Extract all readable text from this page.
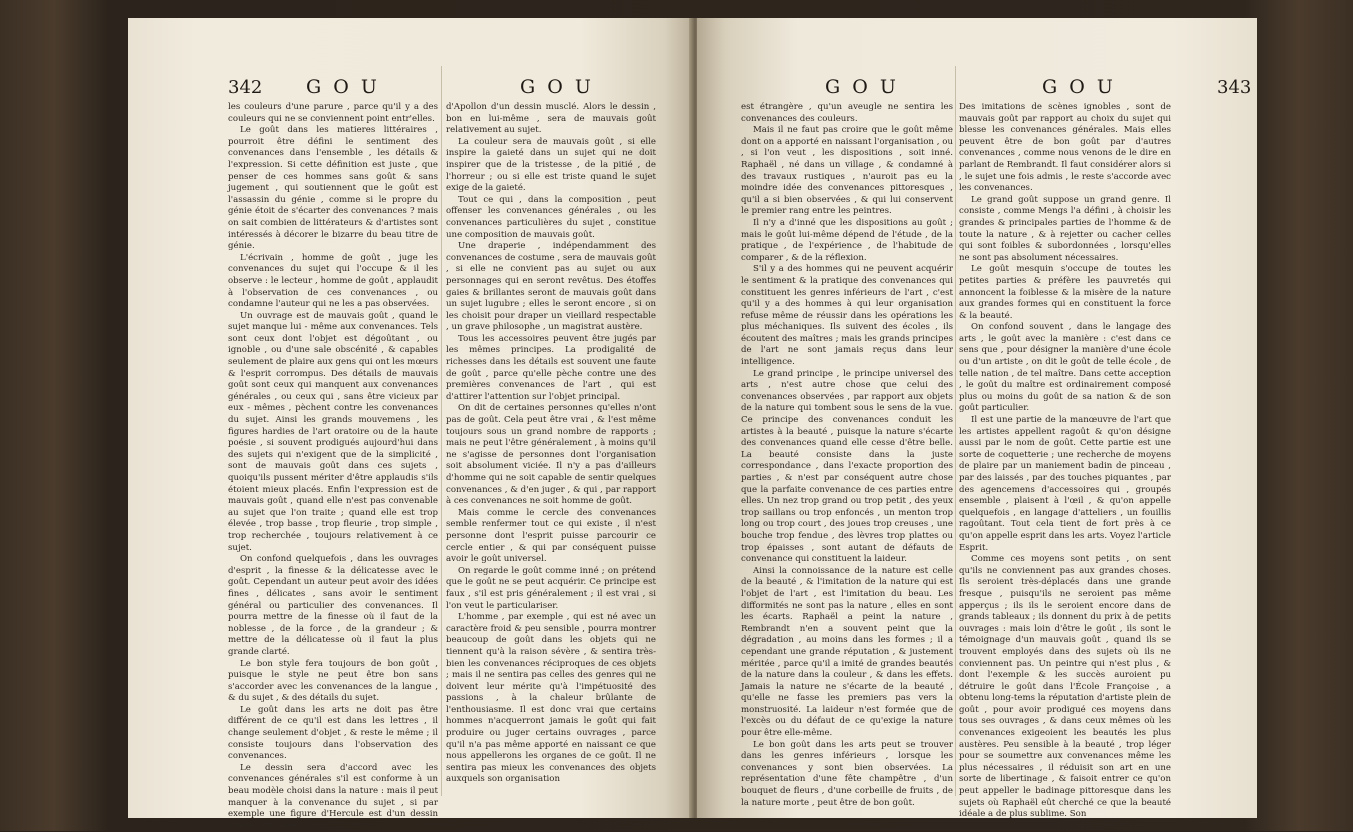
342 G O U	G O U

les couleurs d'une parure , parce qu'il y a des couleurs qui ne se conviennent point entr'elles.

Le goût dans les matieres littéraires , pourroit être défini le sentiment des convenances dans l'ensemble , les détails & l'expression. Si cette définition est juste , que penser de ces hommes sans goût & sans jugement , qui soutiennent que le goût est l'assassin du génie , comme si le propre du génie étoit de s'écarter des convenances ? mais on sait combien de littérateurs & d'artistes sont intéressés à décorer le bizarre du beau titre de génie.

L'écrivain , homme de goût , juge les convenances du sujet qui l'occupe & il les observe : le lecteur , homme de goût , applaudit à l'observation de ces convenances , ou condamne l'auteur qui ne les a pas observées.

Un ouvrage est de mauvais goût , quand le sujet manque lui - même aux convenances. Tels sont ceux dont l'objet est dégoûtant , ou ignoble , ou d'une sale obscénité , & capables seulement de plaire aux gens qui ont les mœurs & l'esprit corrompus. Des détails de mauvais goût sont ceux qui manquent aux convenances générales , ou ceux qui , sans être vicieux par eux - mêmes , pèchent contre les convenances du sujet. Ainsi les grands mouvemens , les figures hardies de l'art oratoire ou de la haute poésie , si souvent prodigués aujourd'hui dans des sujets qui n'exigent que de la simplicité , sont de mauvais goût dans ces sujets , quoiqu'ils pussent mériter d'être applaudis s'ils étoient mieux placés. Enfin l'expression est de mauvais goût , quand elle n'est pas convenable au sujet que l'on traite ; quand elle est trop élevée , trop basse , trop fleurie , trop simple , trop recherchée , toujours relativement à ce sujet.

On confond quelquefois , dans les ouvrages d'esprit , la finesse & la délicatesse avec le goût. Cependant un auteur peut avoir des idées fines , délicates , sans avoir le sentiment général ou particulier des convenances. Il pourra mettre de la finesse où il faut de la noblesse , de la force , de la grandeur ; & mettre de la délicatesse où il faut la plus grande clarté.

Le bon style fera toujours de bon goût , puisque le style ne peut être bon sans s'accorder avec les convenances de la langue , & du sujet , & des détails du sujet.

Le goût dans les arts ne doit pas être différent de ce qu'il est dans les lettres , il change seulement d'objet , & reste le même ; il consiste toujours dans l'observation des convenances.

Le dessin sera d'accord avec les convenances générales s'il est conforme à un beau modèle choisi dans la nature : mais il peut manquer à la convenance du sujet , si par exemple une figure d'Hercule est d'un dessin svelte , ou celle

d'Apollon d'un dessin musclé. Alors le dessin , bon en lui-même , sera de mauvais goût relativement au sujet.

La couleur sera de mauvais goût , si elle inspire la gaieté dans un sujet qui ne doit inspirer que de la tristesse , de la pitié , de l'horreur ; ou si elle est triste quand le sujet exige de la gaieté.

Tout ce qui , dans la composition , peut offenser les convenances générales , ou les convenances particulières du sujet , constitue une composition de mauvais goût.

Une draperie , indépendamment des convenances de costume , sera de mauvais goût , si elle ne convient pas au sujet ou aux personnages qui en seront revêtus. Des étoffes gaies & brillantes seront de mauvais goût dans un sujet lugubre ; elles le seront encore , si on les choisit pour draper un vieillard respectable , un grave philosophe , un magistrat austère.

Tous les accessoires peuvent être jugés par les mêmes principes. La prodigalité de richesses dans les détails est souvent une faute de goût , parce qu'elle pèche contre une des premières convenances de l'art , qui est d'attirer l'attention sur l'objet principal.

On dit de certaines personnes qu'elles n'ont pas de goût. Cela peut être vrai , & l'est même toujours sous un grand nombre de rapports ; mais ne peut l'être généralement , à moins qu'il ne s'agisse de personnes dont l'organisation soit absolument viciée. Il n'y a pas d'ailleurs d'homme qui ne soit capable de sentir quelques convenances , & d'en juger , & qui , par rapport à ces convenances ne soit homme de goût.

Mais comme le cercle des convenances semble renfermer tout ce qui existe , il n'est personne dont l'esprit puisse parcourir ce cercle entier , & qui par conséquent puisse avoir le goût universel.

On regarde le goût comme inné ; on prétend que le goût ne se peut acquérir. Ce principe est faux , s'il est pris généralement ; il est vrai , si l'on veut le particulariser.

L'homme , par exemple , qui est né avec un caractère froid & peu sensible , pourra montrer beaucoup de goût dans les objets qui ne tiennent qu'à la raison sévère , & sentira très-bien les convenances réciproques de ces objets ; mais il ne sentira pas celles des genres qui ne doivent leur mérite qu'à l'impétuosité des passions , à la chaleur brûlante de l'enthousiasme. Il est donc vrai que certains hommes n'acquerront jamais le goût qui fait produire ou juger certains ouvrages , parce qu'il n'a pas même apporté en naissant ce que nous appellerons les organes de ce goût. Il ne sentira pas mieux les convenances des objets auxquels son organisation

G O U	G O U	343

est étrangère , qu'un aveugle ne sentira les convenances des couleurs.

Mais il ne faut pas croire que le goût même dont on a apporté en naissant l'organisation , ou , si l'on veut , les dispositions , soit inné. Raphaël , né dans un village , & condamné à des travaux rustiques , n'auroit pas eu la moindre idée des convenances pittoresques , qu'il a si bien observées , & qui lui conservent le premier rang entre les peintres.

Il n'y a d'inné que les dispositions au goût ; mais le goût lui-même dépend de l'étude , de la pratique , de l'expérience , de l'habitude de comparer , & de la réflexion.

S'il y a des hommes qui ne peuvent acquérir le sentiment & la pratique des convenances qui constituent les genres inférieurs de l'art , c'est qu'il y a des hommes à qui leur organisation refuse même de réussir dans les opérations les plus méchaniques. Ils suivent des écoles , ils écoutent des maîtres ; mais les grands principes de l'art ne sont jamais reçus dans leur intelligence.

Le grand principe , le principe universel des arts , n'est autre chose que celui des convenances observées , par rapport aux objets de la nature qui tombent sous le sens de la vue. Ce principe des convenances conduit les artistes à la beauté , puisque la nature s'écarte des convenances quand elle cesse d'être belle. La beauté consiste dans la juste correspondance , dans l'exacte proportion des parties , & n'est par conséquent autre chose que la parfaite convenance de ces parties entre elles. Un nez trop grand ou trop petit , des yeux trop saillans ou trop enfoncés , un menton trop long ou trop court , des joues trop creuses , une bouche trop fendue , des lèvres trop plattes ou trop épaisses , sont autant de défauts de convenance qui constituent la laideur.

Ainsi la connoissance de la nature est celle de la beauté , & l'imitation de la nature qui est l'objet de l'art , est l'imitation du beau. Les difformités ne sont pas la nature , elles en sont les écarts. Raphaël a peint la nature , Rembrandt n'en a souvent peint que la dégradation , au moins dans les formes ; il a cependant une grande réputation , & justement méritée , parce qu'il a imité de grandes beautés de la nature dans la couleur , & dans les effets. Jamais la nature ne s'écarte de la beauté , qu'elle ne fasse les premiers pas vers la monstruosité. La laideur n'est formée que de l'excès ou du défaut de ce qu'exige la nature pour être elle-même.

Le bon goût dans les arts peut se trouver dans les genres inférieurs , lorsque les convenances y sont bien observées. La représentation d'une fête champêtre , d'un bouquet de fleurs , d'une corbeille de fruits , de la nature morte , peut être de bon goût.

Des imitations de scènes ignobles , sont de mauvais goût par rapport au choix du sujet qui blesse les convenances générales. Mais elles peuvent être de bon goût par d'autres convenances , comme nous venons de le dire en parlant de Rembrandt. Il faut considérer alors si , le sujet une fois admis , le reste s'accorde avec les convenances.

Le grand goût suppose un grand genre. Il consiste , comme Mengs l'a défini , à choisir les grandes & principales parties de l'homme & de toute la nature , & à rejetter ou cacher celles qui sont foibles & subordonnées , lorsqu'elles ne sont pas absolument nécessaires.

Le goût mesquin s'occupe de toutes les petites parties & préfère les pauvretés qui annoncent la foiblesse & la misère de la nature aux grandes formes qui en constituent la force & la beauté.

On confond souvent , dans le langage des arts , le goût avec la manière : c'est dans ce sens que , pour désigner la manière d'une école ou d'un artiste , on dit le goût de telle école , de telle nation , de tel maître. Dans cette acception , le goût du maître est ordinairement composé plus ou moins du goût de sa nation & de son goût particulier.

Il est une partie de la manœuvre de l'art que les artistes appellent ragoût & qu'on désigne aussi par le nom de goût. Cette partie est une sorte de coquetterie ; une recherche de moyens de plaire par un maniement badin de pinceau , par des laissés , par des touches piquantes , par des agencemens d'accessoires qui , groupés ensemble , plaisent à l'œil , & qu'on appelle quelquefois , en langage d'atteliers , un fouillis ragoûtant. Tout cela tient de fort près à ce qu'on appelle esprit dans les arts. Voyez l'article Esprit.

Comme ces moyens sont petits , on sent qu'ils ne conviennent pas aux grandes choses. Ils seroient très-déplacés dans une grande fresque , puisqu'ils ne seroient pas même apperçus ; ils ils le seroient encore dans de grands tableaux ; ils donnent du prix à de petits ouvrages : mais loin d'être le goût , ils sont le témoignage d'un mauvais goût , quand ils se trouvent employés dans des sujets où ils ne conviennent pas. Un peintre qui n'est plus , & dont l'exemple & les succès auroient pu détruire le goût dans l'École Françoise , a obtenu long-tems la réputation d'artiste plein de goût , pour avoir prodigué ces moyens dans tous ses ouvrages , & dans ceux mêmes où les convenances exigeoient les beautés les plus austères. Peu sensible à la beauté , trop léger pour se soumettre aux convenances même les plus nécessaires , il réduisit son art en une sorte de libertinage , & faisoit entrer ce qu'on peut appeller le badinage pittoresque dans les sujets où Raphaël eût cherché ce que la beauté idéale a de plus sublime. Son
